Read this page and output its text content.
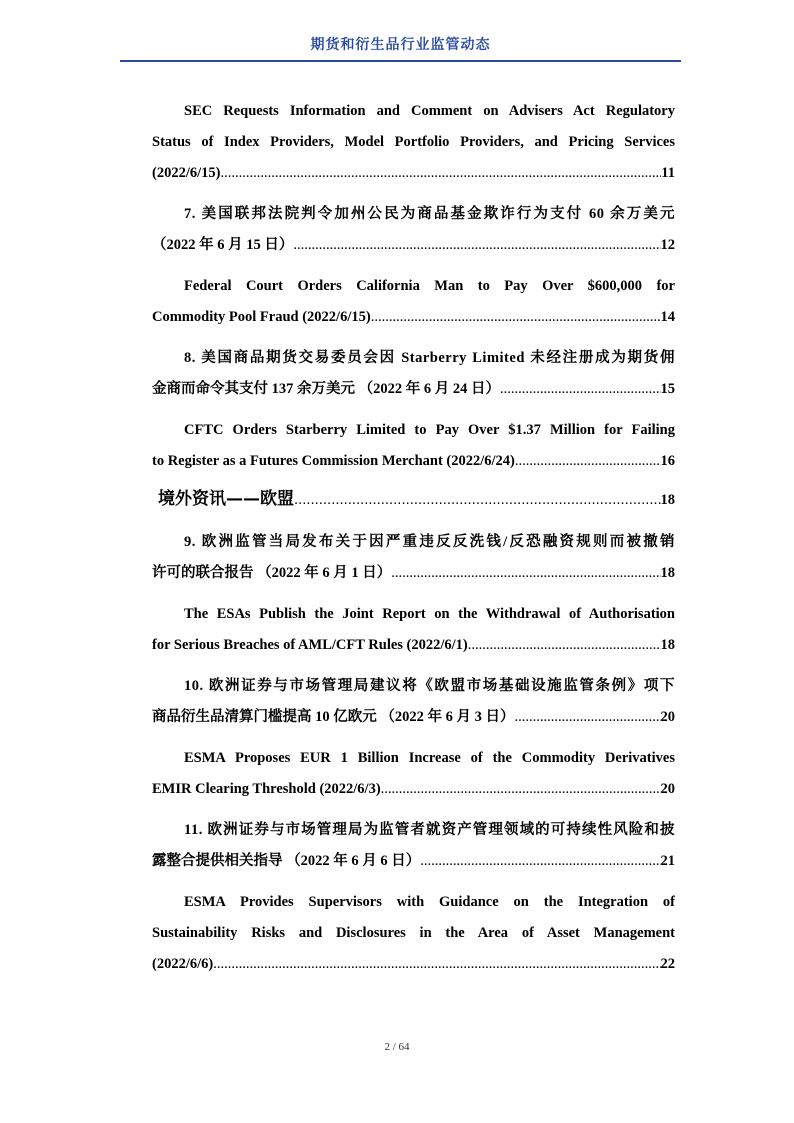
期货和衍生品行业监管动态

SEC Requests Information and Comment on Advisers Act Regulatory

Status of Index Providers, Model Portfolio Providers, and Pricing Services

(2022/6/15) .....	11

7. 美国联邦法院判令加州公民为商品基金欺诈行为支付 60 余万美元

（2022 年 6 月 15 日） .....	12

Federal Court Orders California Man to Pay Over $600,000 for

Commodity Pool Fraud (2022/6/15) .....	14

8. 美国商品期货交易委员会因 Starberry Limited 未经注册成为期货佣

金商而命令其支付 137 余万美元 （2022 年 6 月 24 日） .....	15

CFTC Orders Starberry Limited to Pay Over $1.37 Million for Failing

to Register as a Futures Commission Merchant (2022/6/24) .....	16
境外资讯——欧盟 .....	18

9. 欧洲监管当局发布关于因严重违反反洗钱/反恐融资规则而被撤销

许可的联合报告 （2022 年 6 月 1 日） .....	18

The ESAs Publish the Joint Report on the Withdrawal of Authorisation

for Serious Breaches of AML/CFT Rules (2022/6/1) .....	18

10. 欧洲证券与市场管理局建议将《欧盟市场基础设施监管条例》项下

商品衍生品清算门槛提高 10 亿欧元 （2022 年 6 月 3 日） .....	20

ESMA Proposes EUR 1 Billion Increase of the Commodity Derivatives

EMIR Clearing Threshold (2022/6/3) .....	20

11. 欧洲证券与市场管理局为监管者就资产管理领域的可持续性风险和披

露整合提供相关指导 （2022 年 6 月 6 日） .....	21

ESMA Provides Supervisors with Guidance on the Integration of

Sustainability Risks and Disclosures in the Area of Asset Management

(2022/6/6) .....	22
2 / 64
